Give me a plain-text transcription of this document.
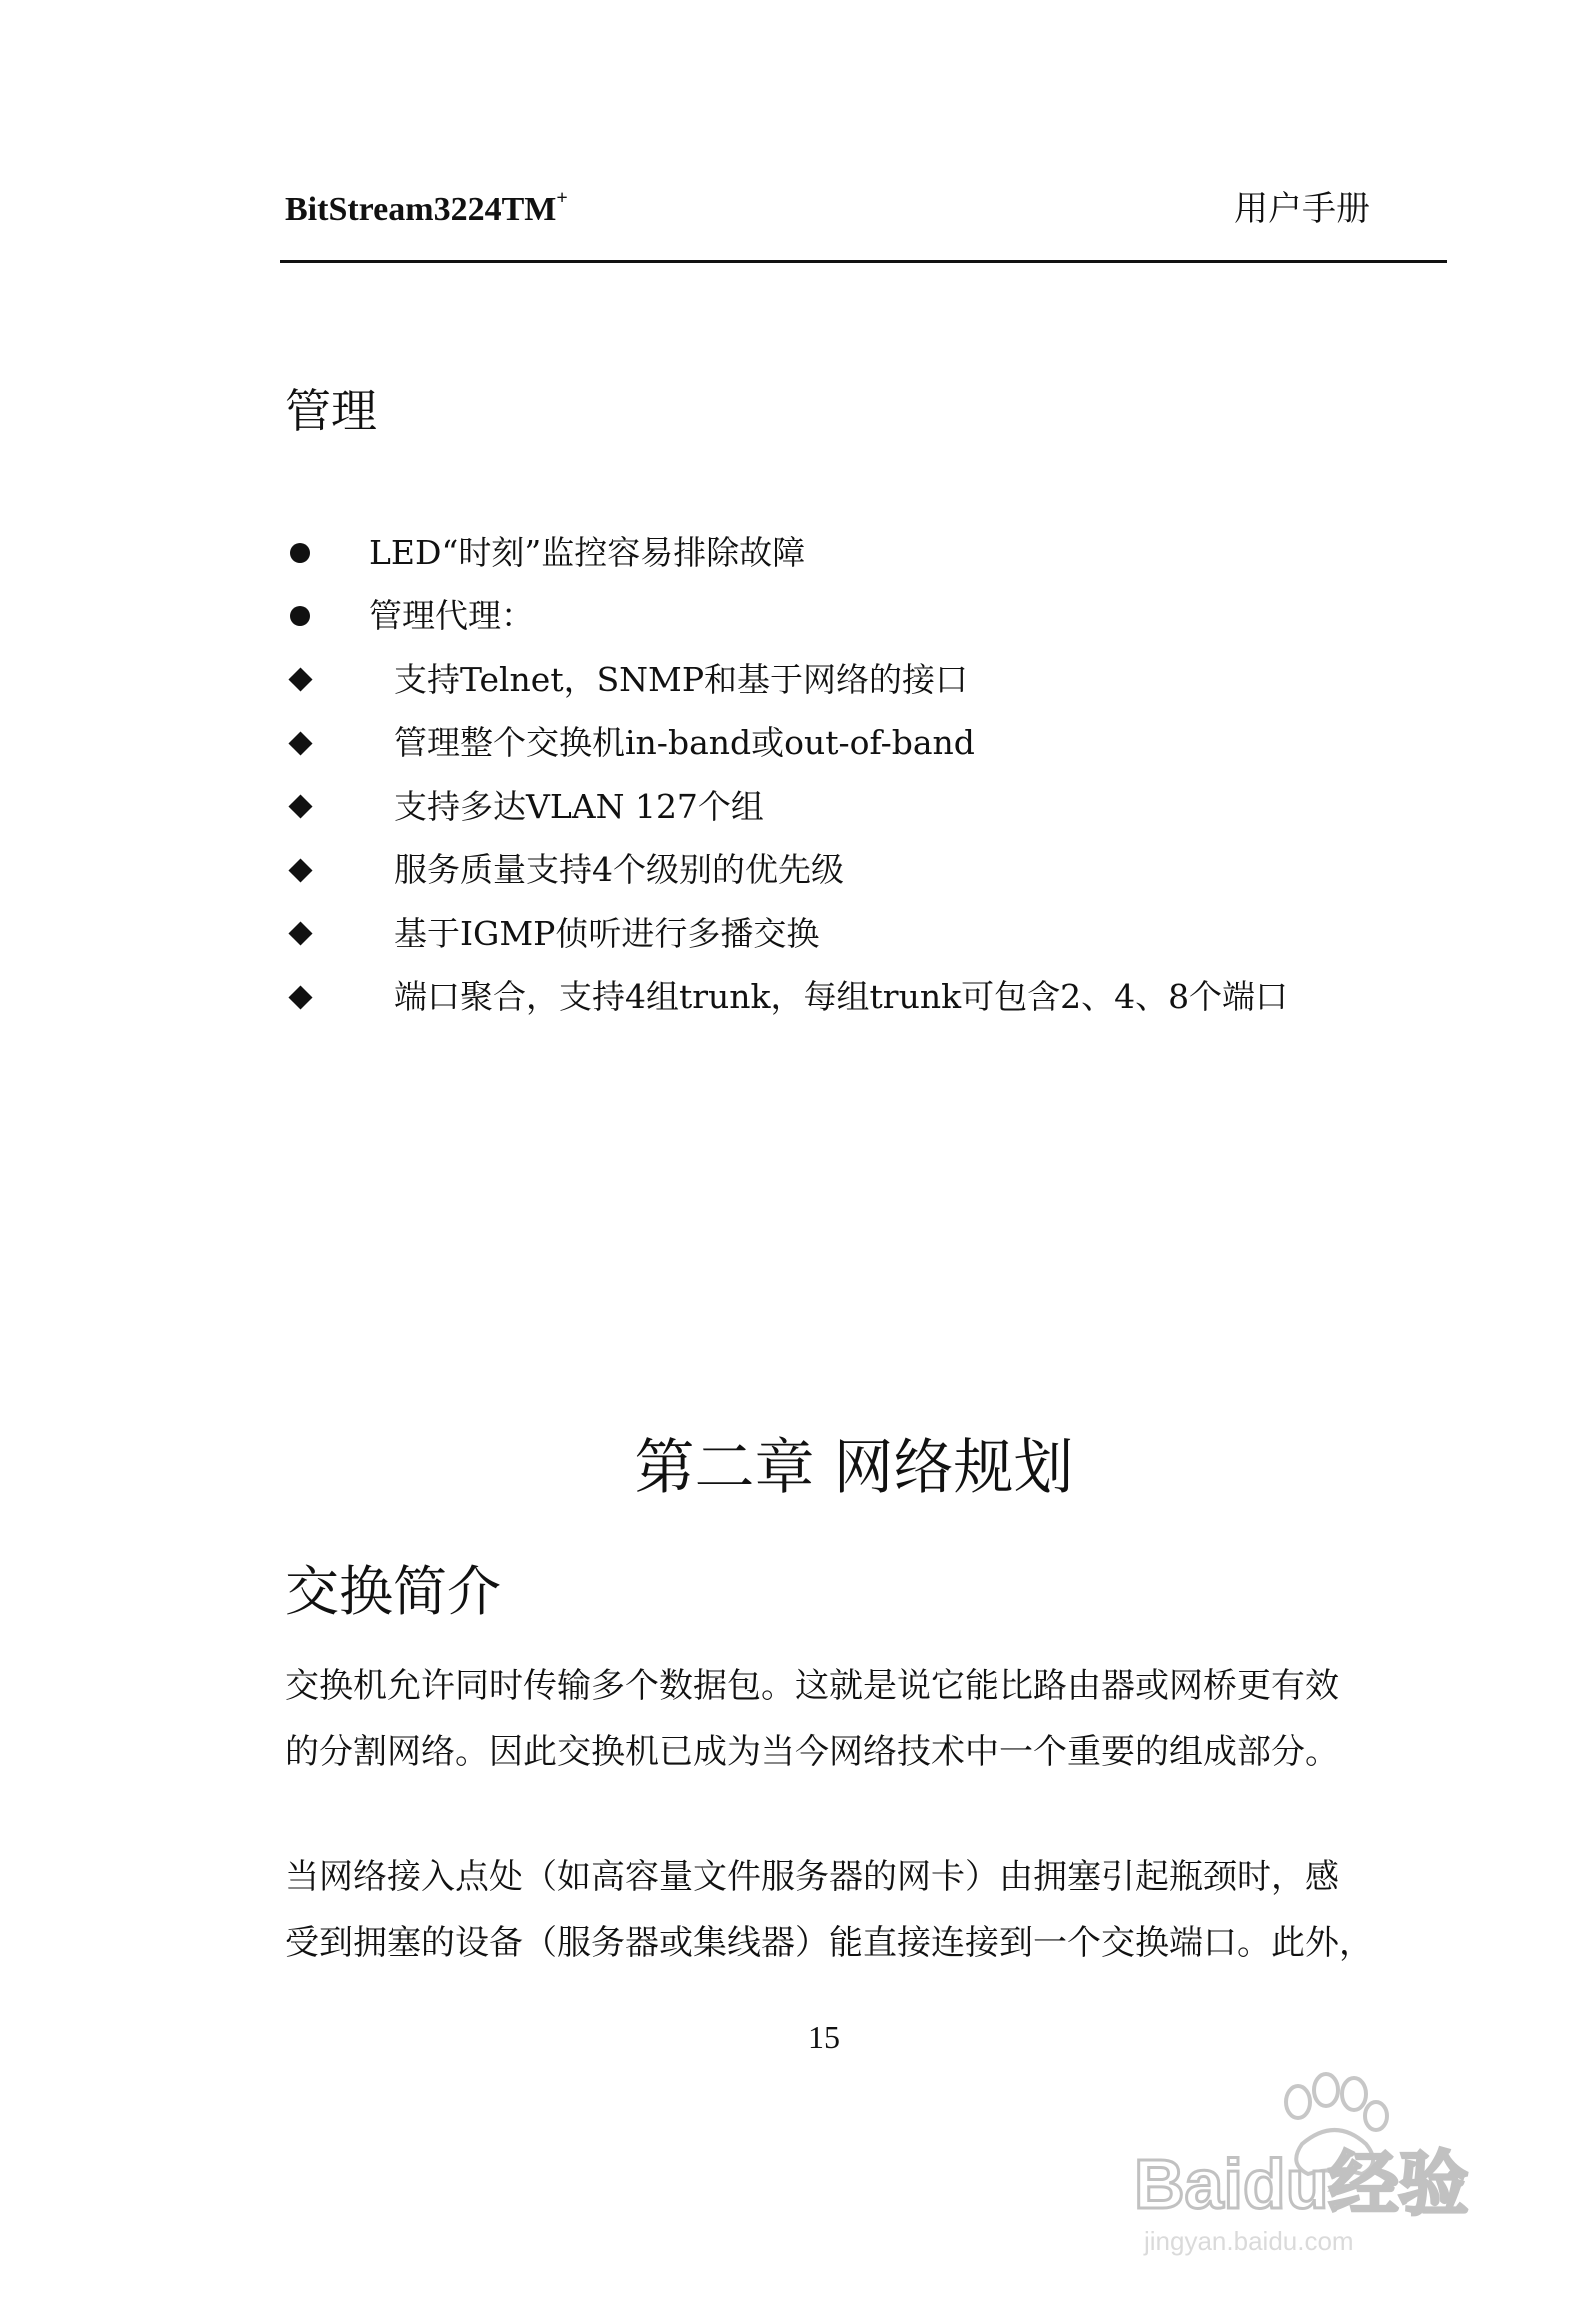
BitStream3224TM+	用户手册
管理
LED“时刻”监控容易排除故障
管理代理：
支持Telnet，SNMP和基于网络的接口
管理整个交换机in-band或out-of-band
支持多达VLAN 127个组
服务质量支持4个级别的优先级
基于IGMP侦听进行多播交换
端口聚合，支持4组trunk，每组trunk可包含2、4、8个端口
第二章 网络规划
交换简介

交换机允许同时传输多个数据包。这就是说它能比路由器或网桥更有效
的分割网络。因此交换机已成为当今网络技术中一个重要的组成部分。

当网络接入点处（如高容量文件服务器的网卡）由拥塞引起瓶颈时，感
受到拥塞的设备（服务器或集线器）能直接连接到一个交换端口。此外，

15
Baidu经验
jingyan.baidu.com
